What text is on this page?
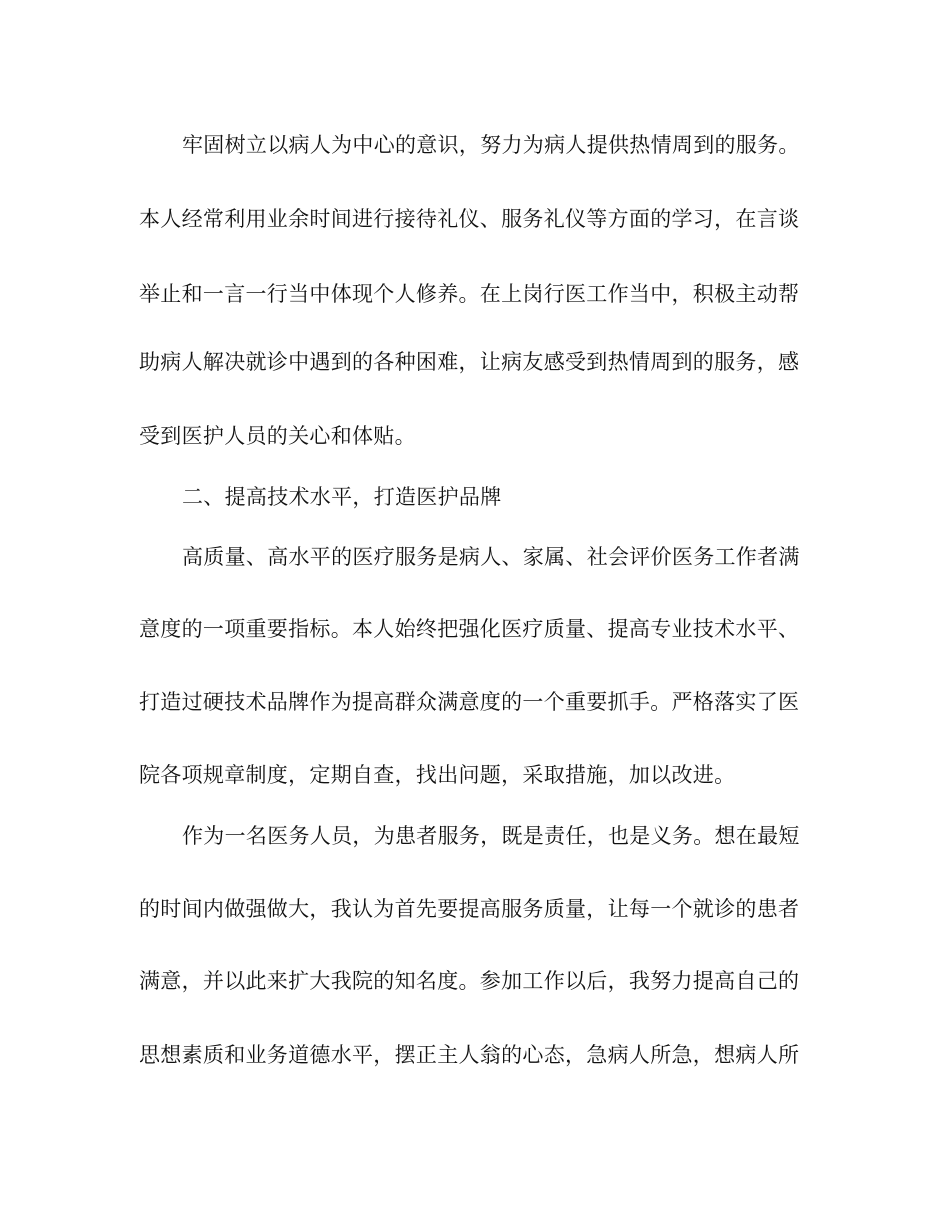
牢固树立以病人为中心的意识，努力为病人提供热情周到的服务。
本人经常利用业余时间进行接待礼仪、服务礼仪等方面的学习，在言谈
举止和一言一行当中体现个人修养。在上岗行医工作当中，积极主动帮
助病人解决就诊中遇到的各种困难，让病友感受到热情周到的服务，感
受到医护人员的关心和体贴。
二、提高技术水平，打造医护品牌
高质量、高水平的医疗服务是病人、家属、社会评价医务工作者满
意度的一项重要指标。本人始终把强化医疗质量、提高专业技术水平、
打造过硬技术品牌作为提高群众满意度的一个重要抓手。严格落实了医
院各项规章制度，定期自查，找出问题，采取措施，加以改进。
作为一名医务人员，为患者服务，既是责任，也是义务。想在最短
的时间内做强做大，我认为首先要提高服务质量，让每一个就诊的患者
满意，并以此来扩大我院的知名度。参加工作以后，我努力提高自己的
思想素质和业务道德水平，摆正主人翁的心态，急病人所急，想病人所
